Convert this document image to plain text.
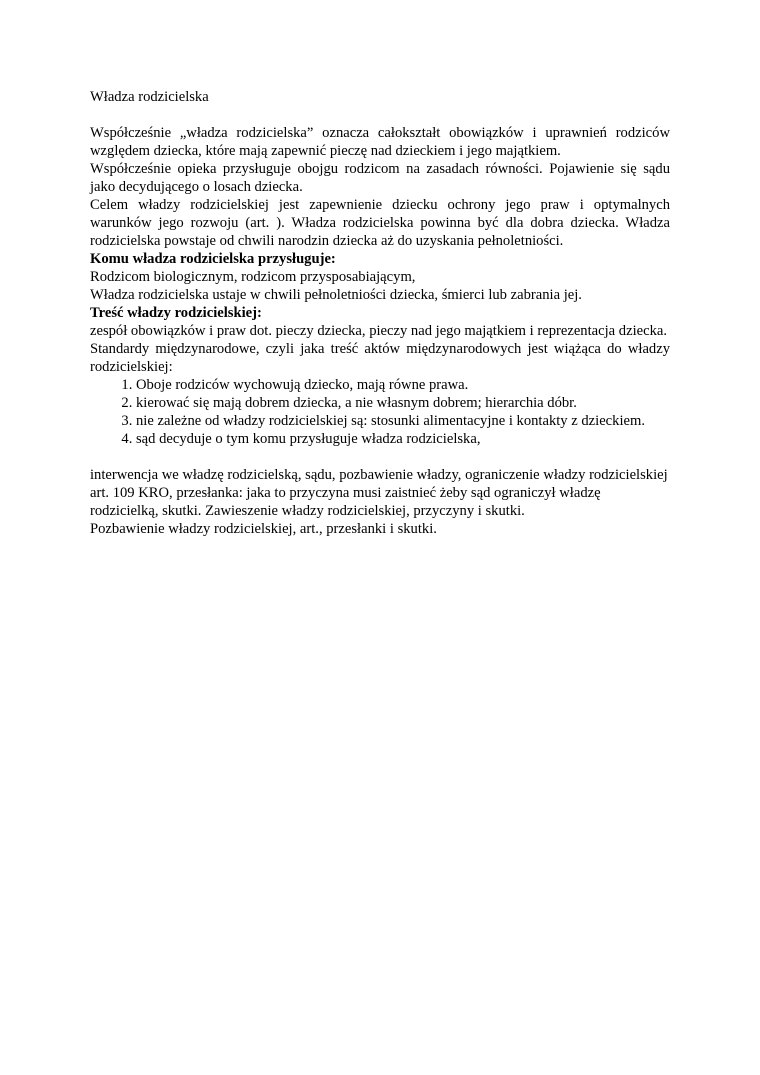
Władza rodzicielska

Współcześnie „władza rodzicielska” oznacza całokształt obowiązków i uprawnień rodziców względem dziecka, które mają zapewnić pieczę nad dzieckiem i jego majątkiem.

Współcześnie opieka przysługuje obojgu rodzicom na zasadach równości. Pojawienie się sądu jako decydującego o losach dziecka.

Celem władzy rodzicielskiej jest zapewnienie dziecku ochrony jego praw i optymalnych warunków jego rozwoju (art. ). Władza rodzicielska powinna być dla dobra dziecka. Władza rodzicielska powstaje od chwili narodzin dziecka aż do uzyskania pełnoletniości.

Komu władza rodzicielska przysługuje:

Rodzicom biologicznym, rodzicom przysposabiającym,

Władza rodzicielska ustaje w chwili pełnoletniości dziecka, śmierci lub zabrania jej.

Treść władzy rodzicielskiej:

zespół obowiązków i praw dot. pieczy dziecka, pieczy nad jego majątkiem i reprezentacja dziecka.

Standardy międzynarodowe, czyli jaka treść aktów międzynarodowych jest wiążąca do władzy rodzicielskiej:

1. Oboje rodziców wychowują dziecko, mają równe prawa.
2. kierować się mają dobrem dziecka, a nie własnym dobrem; hierarchia dóbr.
3. nie zależne od władzy rodzicielskiej są: stosunki alimentacyjne i kontakty z dzieckiem.
4. sąd decyduje o tym komu przysługuje władza rodzicielska,

interwencja we władzę rodzicielską, sądu, pozbawienie władzy, ograniczenie władzy rodzicielskiej art. 109 KRO, przesłanka: jaka to przyczyna musi zaistnieć żeby sąd ograniczył władzę rodzicielką, skutki. Zawieszenie władzy rodzicielskiej, przyczyny i skutki.

Pozbawienie władzy rodzicielskiej, art., przesłanki i skutki.
